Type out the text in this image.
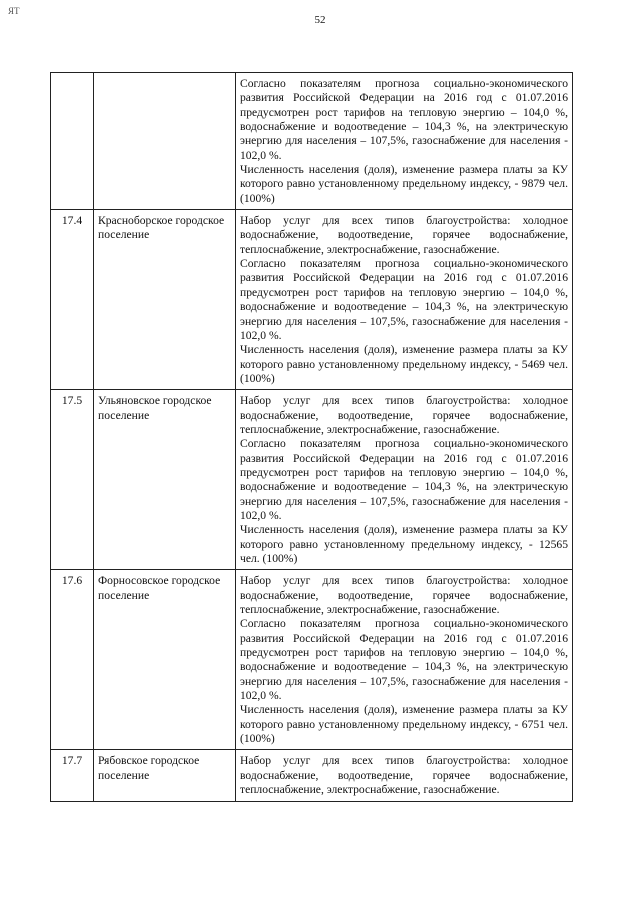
ЯТ
52

		Согласно показателям прогноза социально-экономического развития Российской Федерации на 2016 год с 01.07.2016 предусмотрен рост тарифов на тепловую энергию – 104,0 %, водоснабжение и водоотведение – 104,3 %, на электрическую энергию для населения – 107,5%, газоснабжение для населения - 102,0 %.

Численность населения (доля), изменение размера платы за КУ которого равно установленному предельному индексу, - 9879 чел. (100%)

17.4	Красноборское городское поселение	Набор услуг для всех типов благоустройства: холодное водоснабжение, водоотведение, горячее водоснабжение, теплоснабжение, электроснабжение, газоснабжение.

Согласно показателям прогноза социально-экономического развития Российской Федерации на 2016 год с 01.07.2016 предусмотрен рост тарифов на тепловую энергию – 104,0 %, водоснабжение и водоотведение – 104,3 %, на электрическую энергию для населения – 107,5%, газоснабжение для населения - 102,0 %.

Численность населения (доля), изменение размера платы за КУ которого равно установленному предельному индексу, - 5469 чел. (100%)

17.5	Ульяновское городское поселение	Набор услуг для всех типов благоустройства: холодное водоснабжение, водоотведение, горячее водоснабжение, теплоснабжение, электроснабжение, газоснабжение.

Согласно показателям прогноза социально-экономического развития Российской Федерации на 2016 год с 01.07.2016 предусмотрен рост тарифов на тепловую энергию – 104,0 %, водоснабжение и водоотведение – 104,3 %, на электрическую энергию для населения – 107,5%, газоснабжение для населения - 102,0 %.

Численность населения (доля), изменение размера платы за КУ которого равно установленному предельному индексу, - 12565 чел. (100%)

17.6	Форносовское городское поселение	Набор услуг для всех типов благоустройства: холодное водоснабжение, водоотведение, горячее водоснабжение, теплоснабжение, электроснабжение, газоснабжение.

Согласно показателям прогноза социально-экономического развития Российской Федерации на 2016 год с 01.07.2016 предусмотрен рост тарифов на тепловую энергию – 104,0 %, водоснабжение и водоотведение – 104,3 %, на электрическую энергию для населения – 107,5%, газоснабжение для населения - 102,0 %.

Численность населения (доля), изменение размера платы за КУ которого равно установленному предельному индексу, - 6751 чел. (100%)

17.7	Рябовское городское поселение	Набор услуг для всех типов благоустройства: холодное водоснабжение, водоотведение, горячее водоснабжение, теплоснабжение, электроснабжение, газоснабжение.
